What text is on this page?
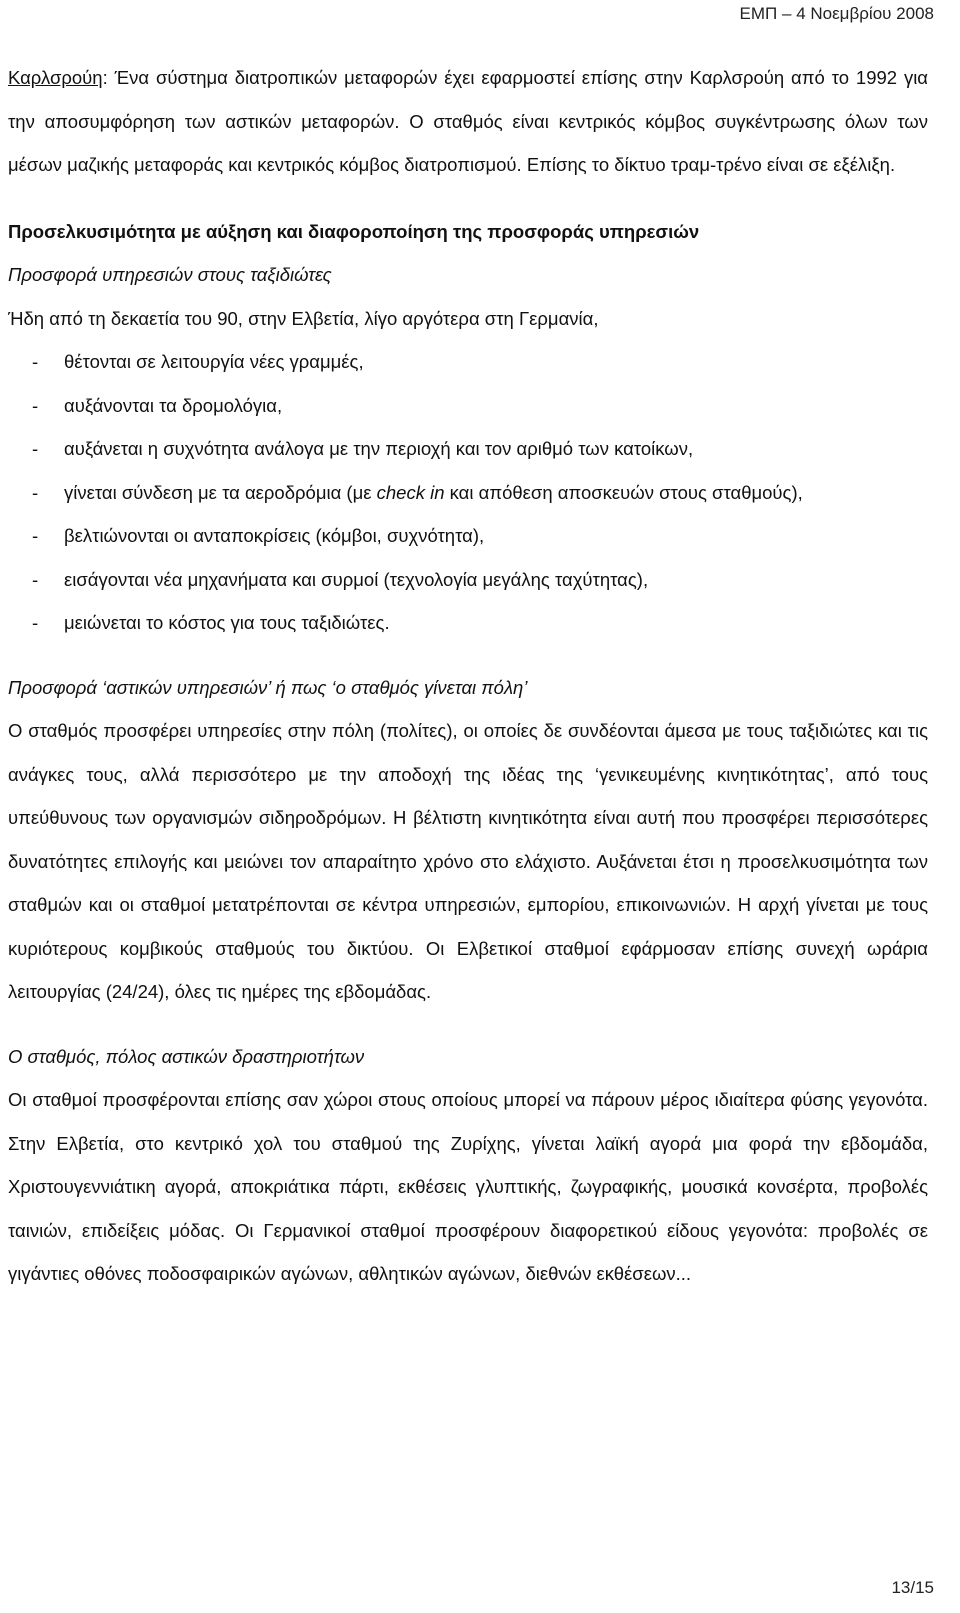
ΕΜΠ – 4 Νοεμβρίου 2008

Καρλσρούη: Ένα σύστημα διατροπικών μεταφορών έχει εφαρμοστεί επίσης στην Καρλσρούη από το 1992 για την αποσυμφόρηση των αστικών μεταφορών. Ο σταθμός είναι κεντρικός κόμβος συγκέντρωσης όλων των μέσων μαζικής μεταφοράς και κεντρικός κόμβος διατροπισμού. Επίσης το δίκτυο τραμ-τρένο είναι σε εξέλιξη.

Προσελκυσιμότητα με αύξηση και διαφοροποίηση της προσφοράς υπηρεσιών

Προσφορά υπηρεσιών στους ταξιδιώτες

Ήδη από τη δεκαετία του 90, στην Ελβετία, λίγο αργότερα στη Γερμανία,

- θέτονται σε λειτουργία νέες γραμμές,
- αυξάνονται τα δρομολόγια,
- αυξάνεται η συχνότητα ανάλογα με την περιοχή και τον αριθμό των κατοίκων,
- γίνεται σύνδεση με τα αεροδρόμια (με check in και απόθεση αποσκευών στους σταθμούς),
- βελτιώνονται οι ανταποκρίσεις (κόμβοι, συχνότητα),
- εισάγονται νέα μηχανήματα και συρμοί (τεχνολογία μεγάλης ταχύτητας),
- μειώνεται το κόστος για τους ταξιδιώτες.

Προσφορά ‘αστικών υπηρεσιών’ ή πως ‘ο σταθμός γίνεται πόλη’

Ο σταθμός προσφέρει υπηρεσίες στην πόλη (πολίτες), οι οποίες δε συνδέονται άμεσα με τους ταξιδιώτες και τις ανάγκες τους, αλλά περισσότερο με την αποδοχή της ιδέας της ‘γενικευμένης κινητικότητας’, από τους υπεύθυνους των οργανισμών σιδηροδρόμων. Η βέλτιστη κινητικότητα είναι αυτή που προσφέρει περισσότερες δυνατότητες επιλογής και μειώνει τον απαραίτητο χρόνο στο ελάχιστο. Αυξάνεται έτσι η προσελκυσιμότητα των σταθμών και οι σταθμοί μετατρέπονται σε κέντρα υπηρεσιών, εμπορίου, επικοινωνιών. Η αρχή γίνεται με τους κυριότερους κομβικούς σταθμούς του δικτύου. Οι Ελβετικοί σταθμοί εφάρμοσαν επίσης συνεχή ωράρια λειτουργίας (24/24), όλες τις ημέρες της εβδομάδας.

Ο σταθμός, πόλος αστικών δραστηριοτήτων

Οι σταθμοί προσφέρονται επίσης σαν χώροι στους οποίους μπορεί να πάρουν μέρος ιδιαίτερα φύσης γεγονότα. Στην Ελβετία, στο κεντρικό χολ του σταθμού της Ζυρίχης, γίνεται λαϊκή αγορά μια φορά την εβδομάδα, Χριστουγεννιάτικη αγορά, αποκριάτικα πάρτι, εκθέσεις γλυπτικής, ζωγραφικής, μουσικά κονσέρτα, προβολές ταινιών, επιδείξεις μόδας. Οι Γερμανικοί σταθμοί προσφέρουν διαφορετικού είδους γεγονότα: προβολές σε γιγάντιες οθόνες ποδοσφαιρικών αγώνων, αθλητικών αγώνων, διεθνών εκθέσεων...

13/15
